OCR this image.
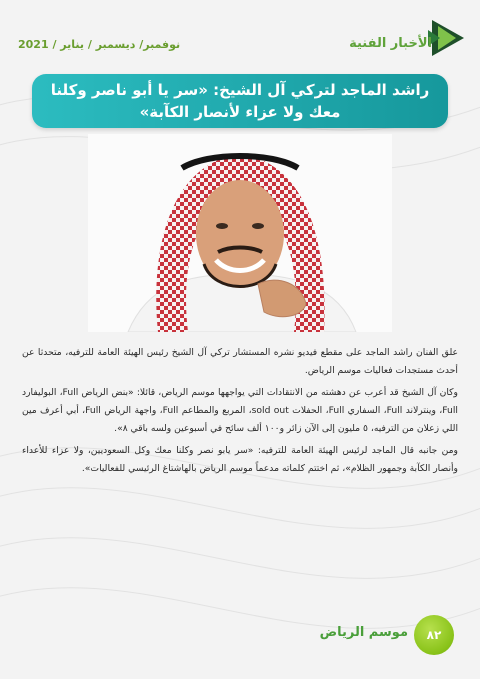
الأخبار الفنية
نوفمبر/ ديسمبر / يناير / 2021
راشد الماجد لتركي آل الشيخ: «سر يا أبو ناصر وكلنا
معك ولا عزاء لأنصار الكآبة»

علق الفنان راشد الماجد على مقطع فيديو نشره المستشار تركي آل الشيخ رئيس الهيئة العامة للترفيه، متحدثا عن أحدث مستجدات فعاليات موسم الرياض.

وكان آل الشيخ قد أعرب عن دهشته من الانتقادات التي يواجهها موسم الرياض، قائلا: «بنض الرياض Full، البوليفارد Full، وينترلاند Full، السفاري Full، الحفلات sold out، المربع والمطاعم Full، واجهة الرياض Full، أبي أعرف مين اللي زعلان من الترفيه، ٥ مليون إلى الآن زائر و١٠٠ ألف سائح في أسبوعين ولسه باقي ٨».

ومن جانبه قال الماجد لرئيس الهيئة العامة للترفيه: «سر يابو نصر وكلنا معك وكل السعوديين، ولا عزاء للأعداء وأنصار الكآبة وجمهور الظلام»، ثم اختتم كلماته مدعماً موسم الرياض بالهاشتاغ الرئيسي للفعاليات».

٨٢
موسم الرياض
